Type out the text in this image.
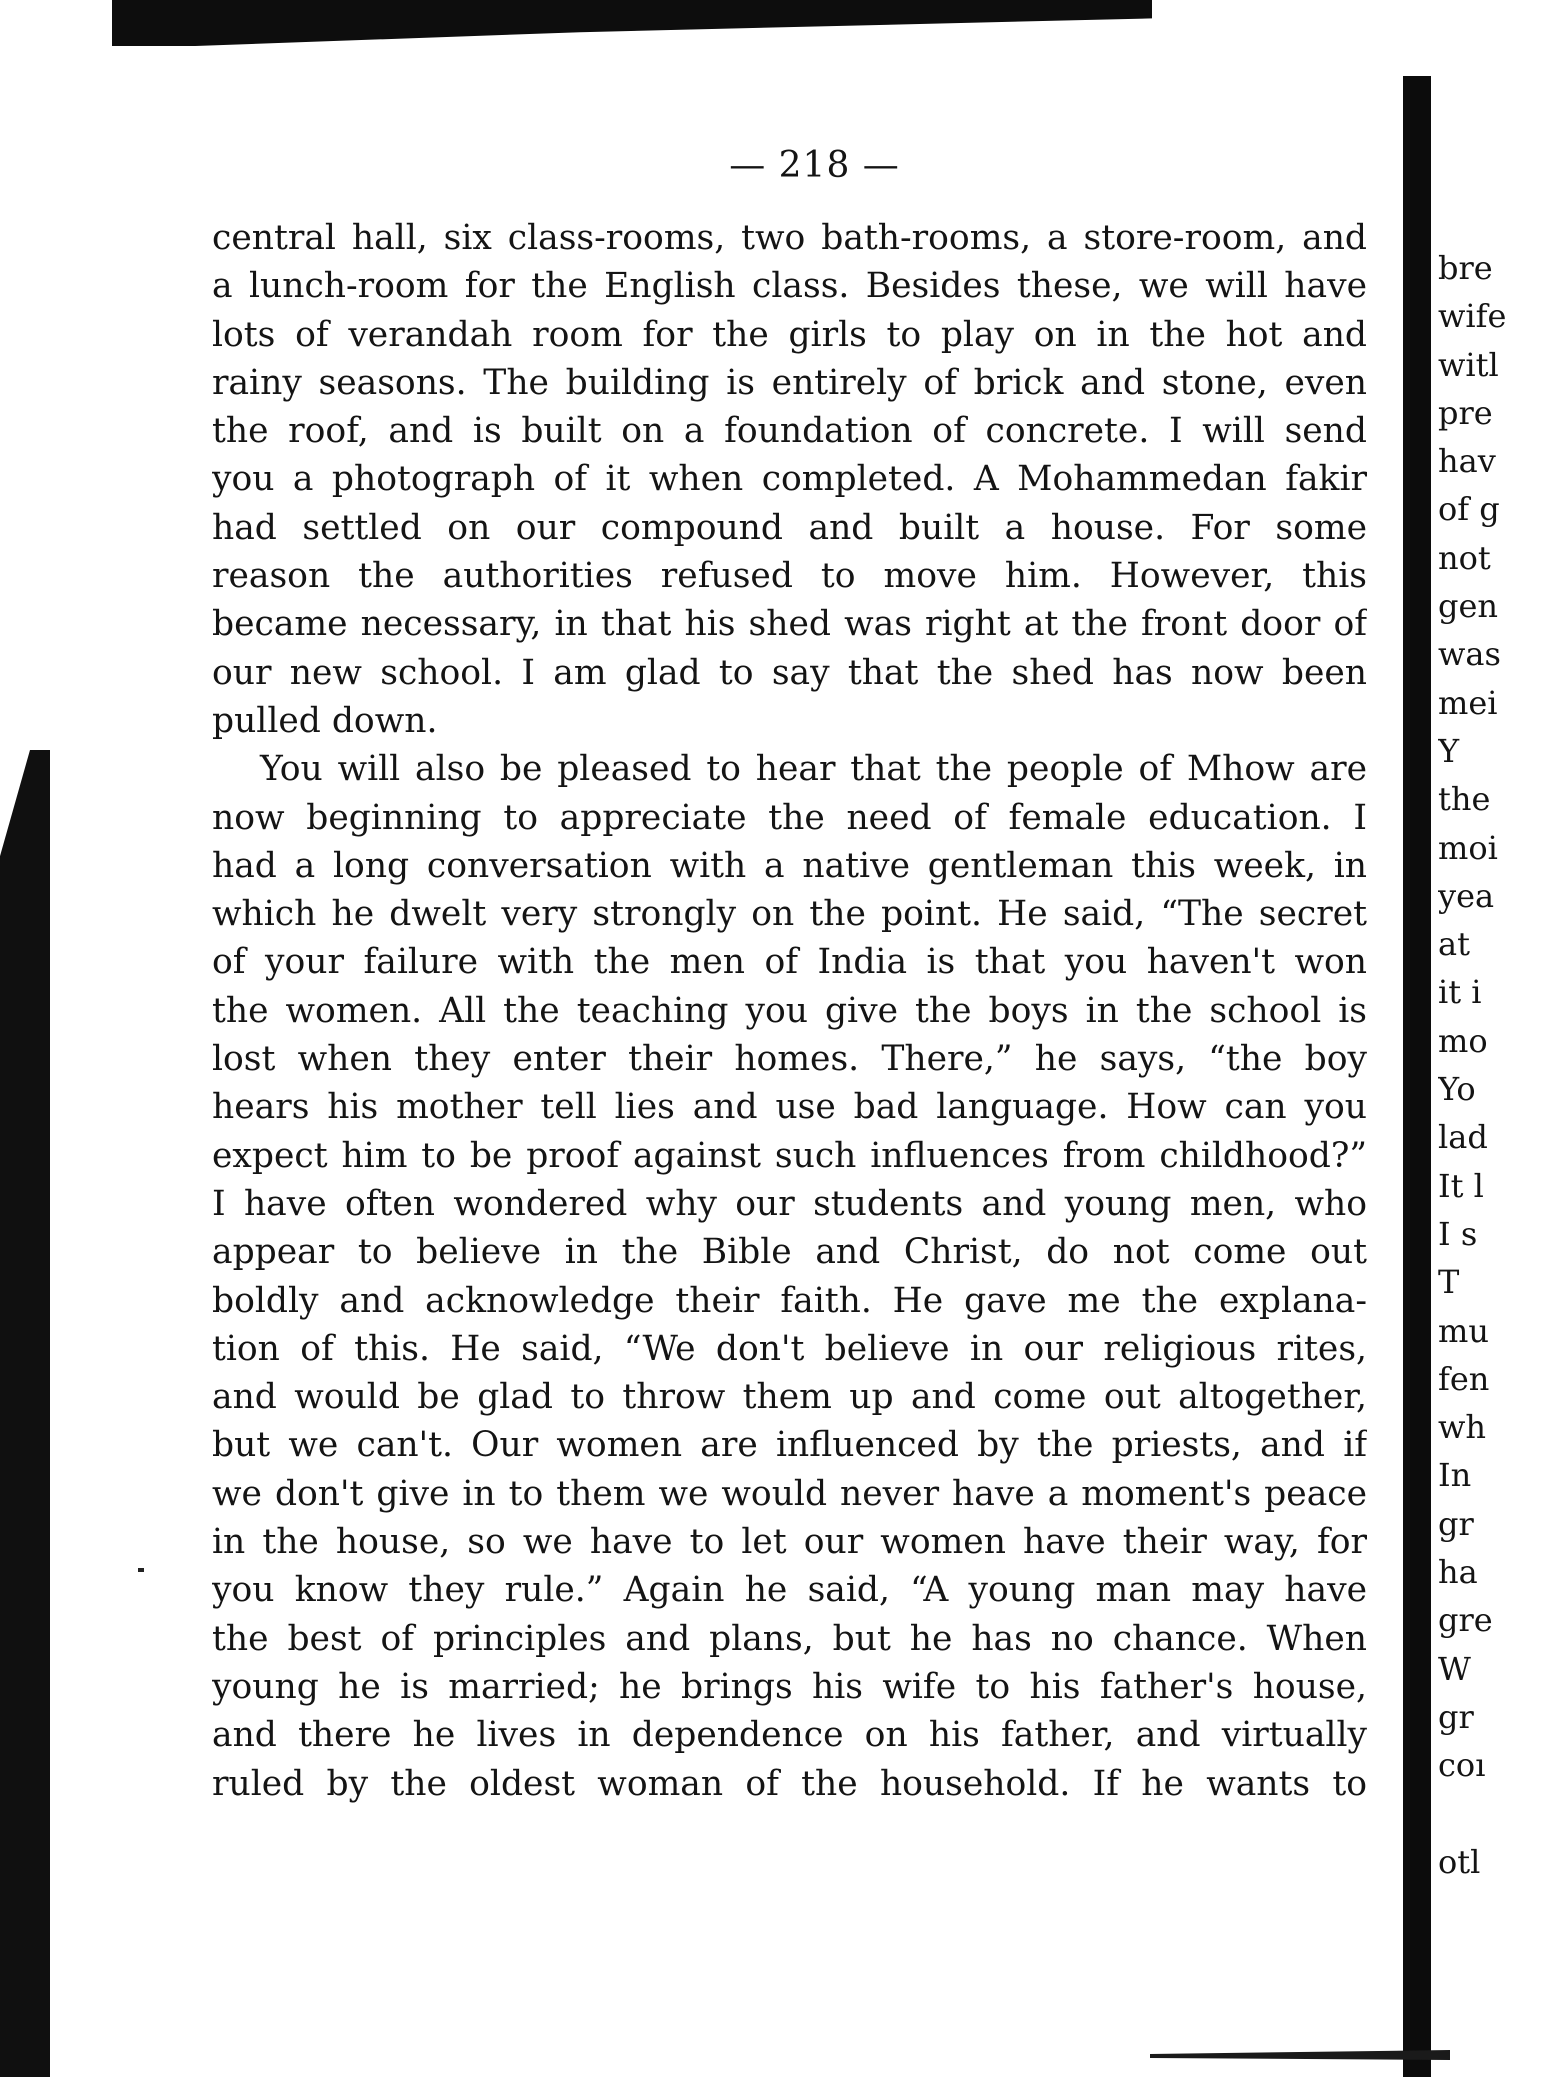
— 218 —
central hall, six class-rooms, two bath-rooms, a store-room, and
a lunch-room for the English class. Besides these, we will have
lots of verandah room for the girls to play on in the hot and
rainy seasons. The building is entirely of brick and stone, even
the roof, and is built on a foundation of concrete. I will send
you a photograph of it when completed. A Mohammedan fakir
had settled on our compound and built a house. For some
reason the authorities refused to move him. However, this
became necessary, in that his shed was right at the front door of
our new school. I am glad to say that the shed has now been
pulled down.
You will also be pleased to hear that the people of Mhow are
now beginning to appreciate the need of female education. I
had a long conversation with a native gentleman this week, in
which he dwelt very strongly on the point. He said, “The secret
of your failure with the men of India is that you haven't won
the women. All the teaching you give the boys in the school is
lost when they enter their homes. There,” he says, “the boy
hears his mother tell lies and use bad language. How can you
expect him to be proof against such influences from childhood?”
I have often wondered why our students and young men, who
appear to believe in the Bible and Christ, do not come out
boldly and acknowledge their faith. He gave me the explana-
tion of this. He said, “We don't believe in our religious rites,
and would be glad to throw them up and come out altogether,
but we can't. Our women are influenced by the priests, and if
we don't give in to them we would never have a moment's peace
in the house, so we have to let our women have their way, for
you know they rule.” Again he said, “A young man may have
the best of principles and plans, but he has no chance. When
young he is married; he brings his wife to his father's house,
and there he lives in dependence on his father, and virtually
ruled by the oldest woman of the household. If he wants to
bre
wife
witl
pre
hav
of g
not
gen
was
mei
Y
the
moi
yea
at
it i
mo
Yo
lad
It l
I s
T
mu
fen
wh
In
gr
ha
gre
W
gr
coı
otl
